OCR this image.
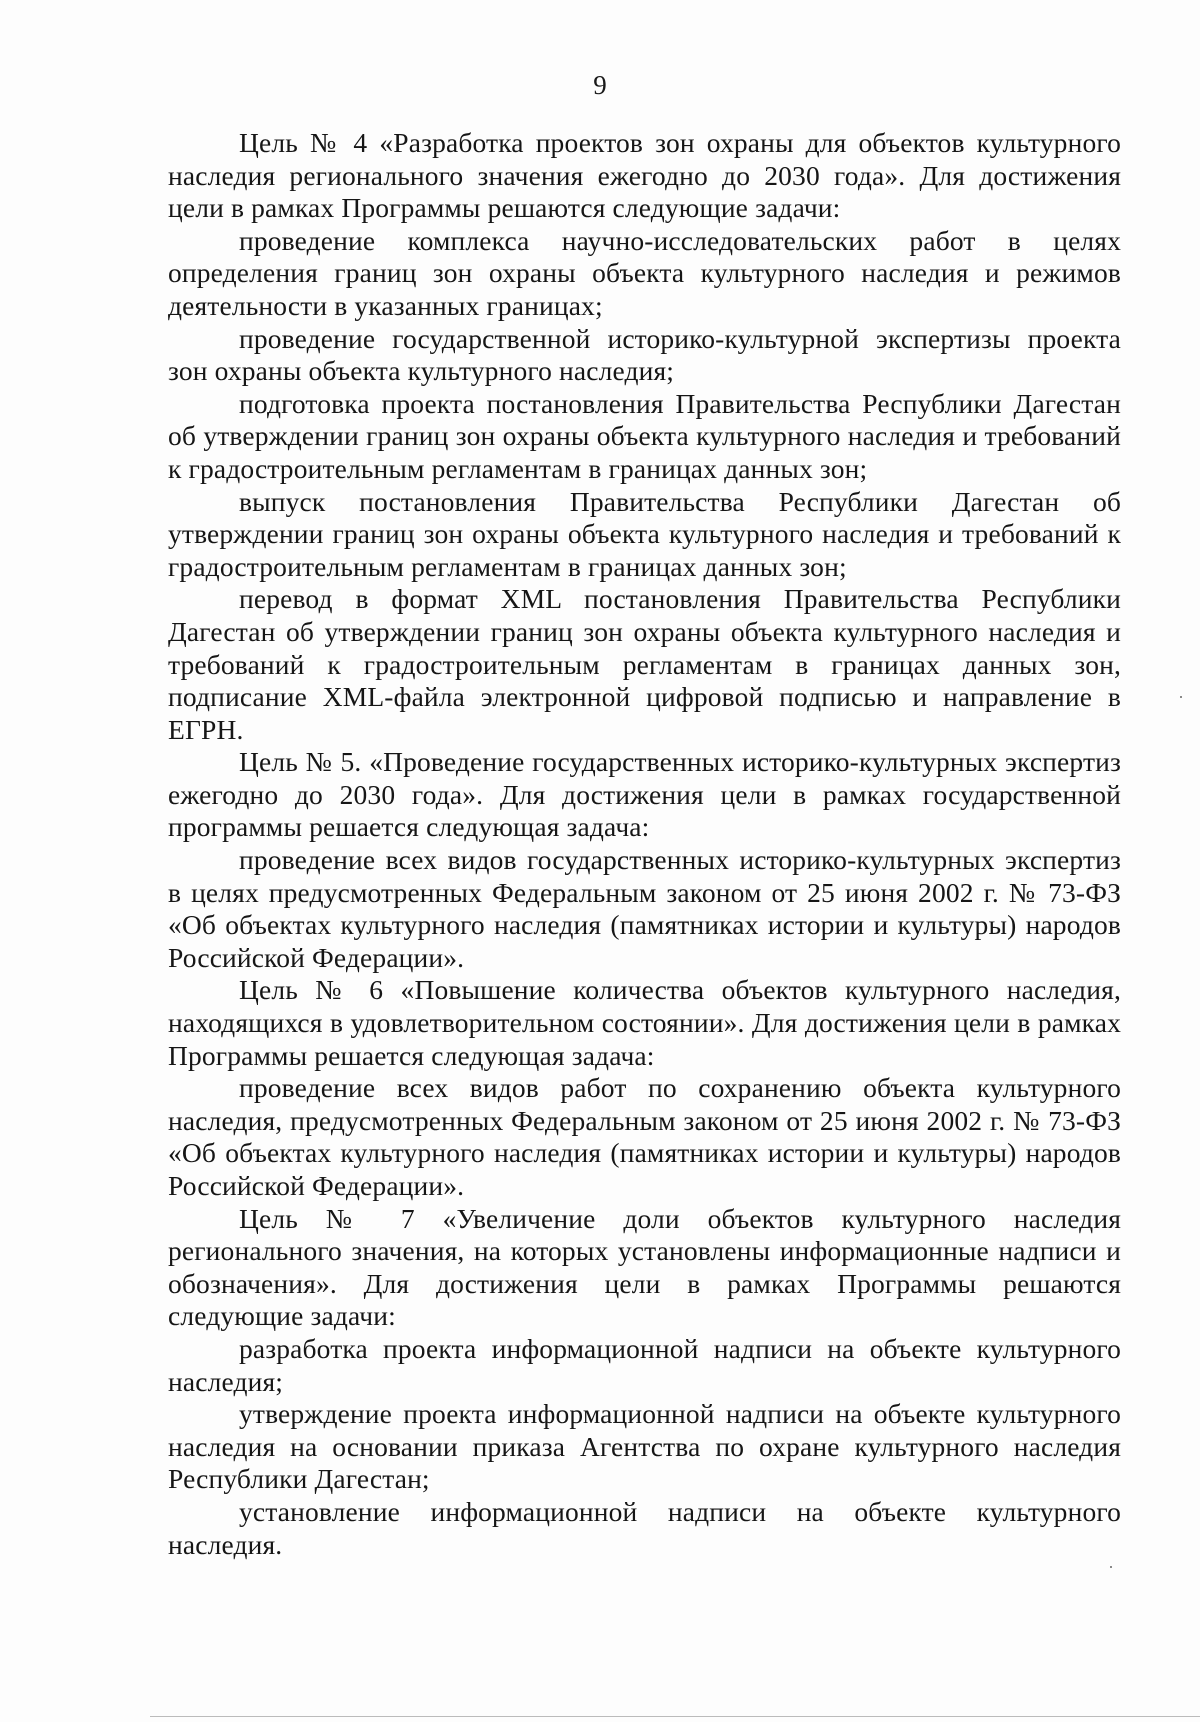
9

Цель № 4 «Разработка проектов зон охраны для объектов культурного наследия регионального значения ежегодно до 2030 года». Для достижения цели в рамках Программы решаются следующие задачи:

проведение комплекса научно-исследовательских работ в целях определения границ зон охраны объекта культурного наследия и режимов деятельности в указанных границах;

проведение государственной историко-культурной экспертизы проекта зон охраны объекта культурного наследия;

подготовка проекта постановления Правительства Республики Дагестан об утверждении границ зон охраны объекта культурного наследия и требований к градостроительным регламентам в границах данных зон;

выпуск постановления Правительства Республики Дагестан об утверждении границ зон охраны объекта культурного наследия и требований к градостроительным регламентам в границах данных зон;

перевод в формат XML постановления Правительства Республики Дагестан об утверждении границ зон охраны объекта культурного наследия и требований к градостроительным регламентам в границах данных зон, подписание XML-файла электронной цифровой подписью и направление в ЕГРН.

Цель № 5. «Проведение государственных историко-культурных экспертиз ежегодно до 2030 года». Для достижения цели в рамках государственной программы решается следующая задача:

проведение всех видов государственных историко-культурных экспертиз в целях предусмотренных Федеральным законом от 25 июня 2002 г. № 73-ФЗ «Об объектах культурного наследия (памятниках истории и культуры) народов Российской Федерации».

Цель № 6 «Повышение количества объектов культурного наследия, находящихся в удовлетворительном состоянии». Для достижения цели в рамках Программы решается следующая задача:

проведение всех видов работ по сохранению объекта культурного наследия, предусмотренных Федеральным законом от 25 июня 2002 г. № 73-ФЗ «Об объектах культурного наследия (памятниках истории и культуры) народов Российской Федерации».

Цель № 7 «Увеличение доли объектов культурного наследия регионального значения, на которых установлены информационные надписи и обозначения». Для достижения цели в рамках Программы решаются следующие задачи:

разработка проекта информационной надписи на объекте культурного наследия;

утверждение проекта информационной надписи на объекте культурного наследия на основании приказа Агентства по охране культурного наследия Республики Дагестан;

установление информационной надписи на объекте культурного наследия.
